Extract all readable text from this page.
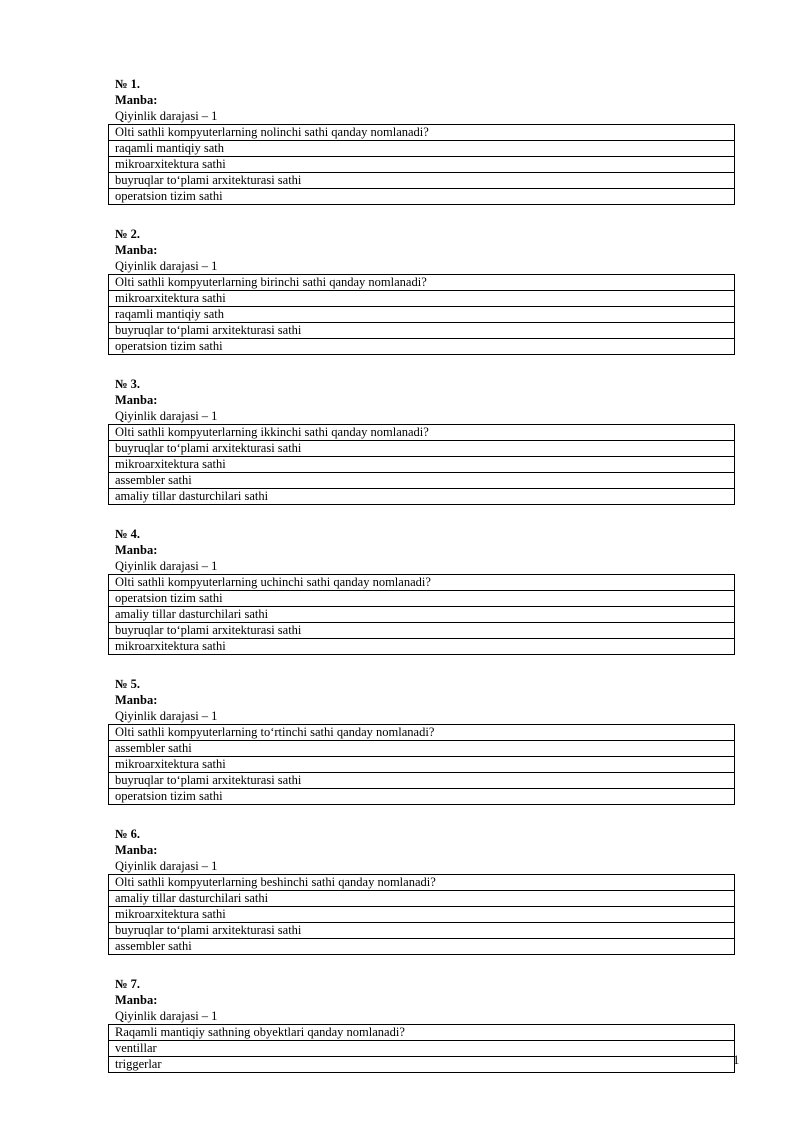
№ 1.
Manba:
Qiyinlik darajasi – 1
Olti sathli kompyuterlarning nolinchi sathi qanday nomlanadi?
raqamli mantiqiy sath
mikroarxitektura sathi
buyruqlar to‘plami arxitekturasi sathi
operatsion tizim sathi
№ 2.
Manba:
Qiyinlik darajasi – 1
Olti sathli kompyuterlarning birinchi sathi qanday nomlanadi?
mikroarxitektura sathi
raqamli mantiqiy sath
buyruqlar to‘plami arxitekturasi sathi
operatsion tizim sathi
№ 3.
Manba:
Qiyinlik darajasi – 1
Olti sathli kompyuterlarning ikkinchi sathi qanday nomlanadi?
buyruqlar to‘plami arxitekturasi sathi
mikroarxitektura sathi
assembler sathi
amaliy tillar dasturchilari sathi
№ 4.
Manba:
Qiyinlik darajasi – 1
Olti sathli kompyuterlarning uchinchi sathi qanday nomlanadi?
operatsion tizim sathi
amaliy tillar dasturchilari sathi
buyruqlar to‘plami arxitekturasi sathi
mikroarxitektura sathi
№ 5.
Manba:
Qiyinlik darajasi – 1
Olti sathli kompyuterlarning to‘rtinchi sathi qanday nomlanadi?
assembler sathi
mikroarxitektura sathi
buyruqlar to‘plami arxitekturasi sathi
operatsion tizim sathi
№ 6.
Manba:
Qiyinlik darajasi – 1
Olti sathli kompyuterlarning beshinchi sathi qanday nomlanadi?
amaliy tillar dasturchilari sathi
mikroarxitektura sathi
buyruqlar to‘plami arxitekturasi sathi
assembler sathi
№ 7.
Manba:
Qiyinlik darajasi – 1
Raqamli mantiqiy sathning obyektlari qanday nomlanadi?
ventillar
triggerlar	1
